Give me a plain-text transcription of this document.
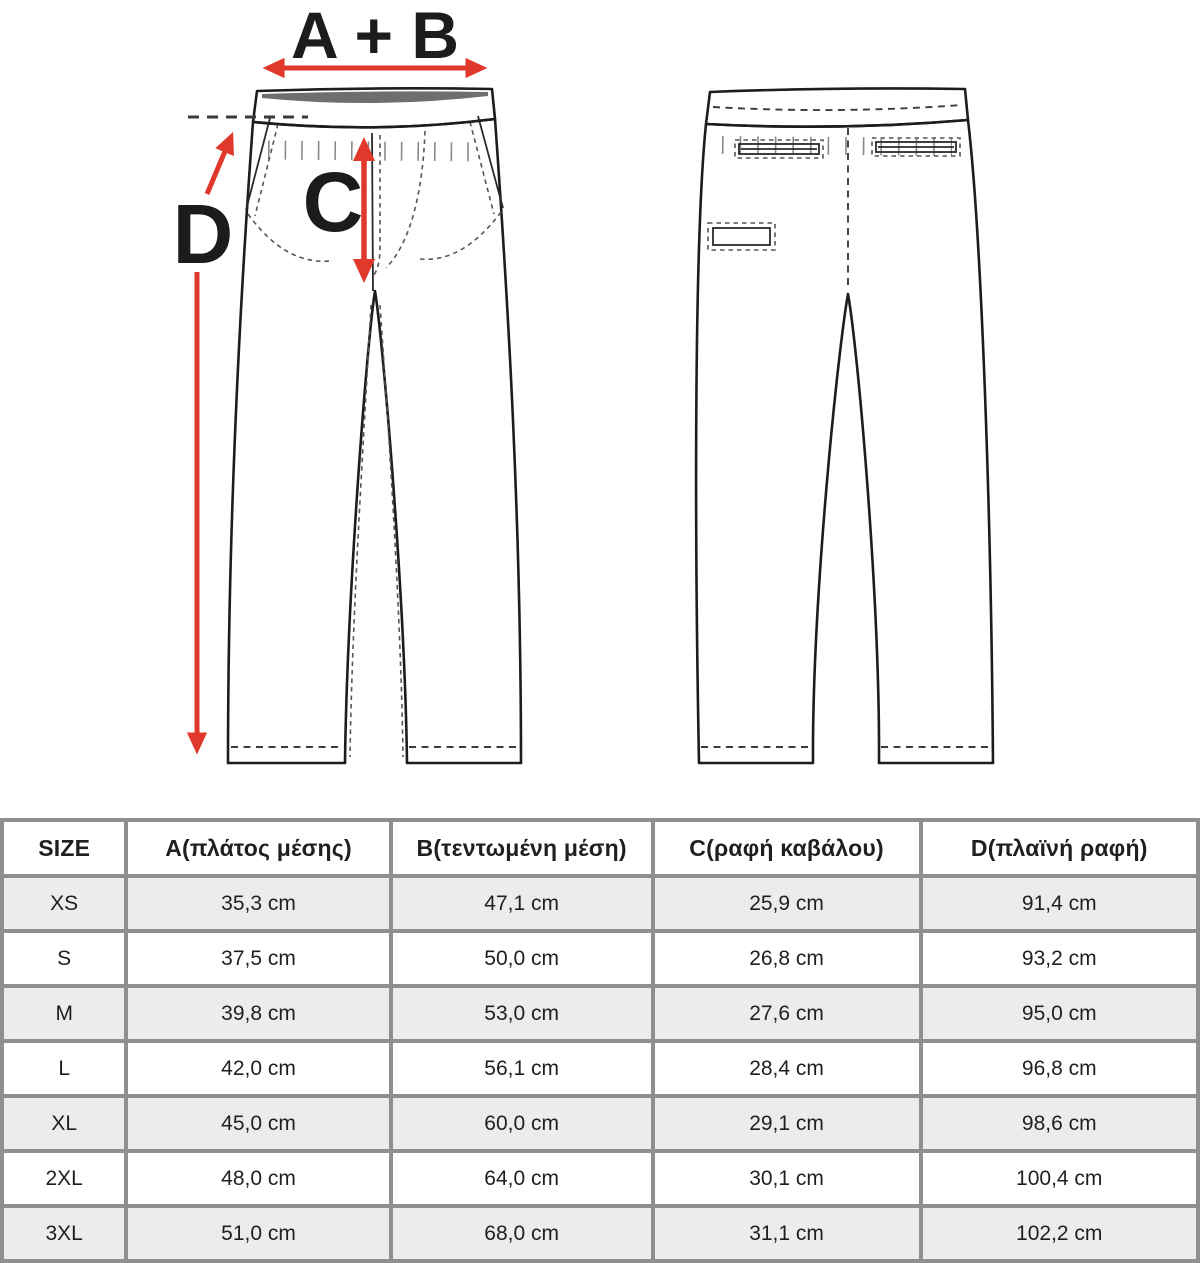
A + B
C
D
SIZE	A(πλάτος μέσης)	B(τεντωμένη μέση)	C(ραφή καβάλου)	D(πλαϊνή ραφή)
XS	35,3 cm	47,1 cm	25,9 cm	91,4 cm
S	37,5 cm	50,0 cm	26,8 cm	93,2 cm
M	39,8 cm	53,0 cm	27,6 cm	95,0 cm
L	42,0 cm	56,1 cm	28,4 cm	96,8 cm
XL	45,0 cm	60,0 cm	29,1 cm	98,6 cm
2XL	48,0 cm	64,0 cm	30,1 cm	100,4 cm
3XL	51,0 cm	68,0 cm	31,1 cm	102,2 cm
